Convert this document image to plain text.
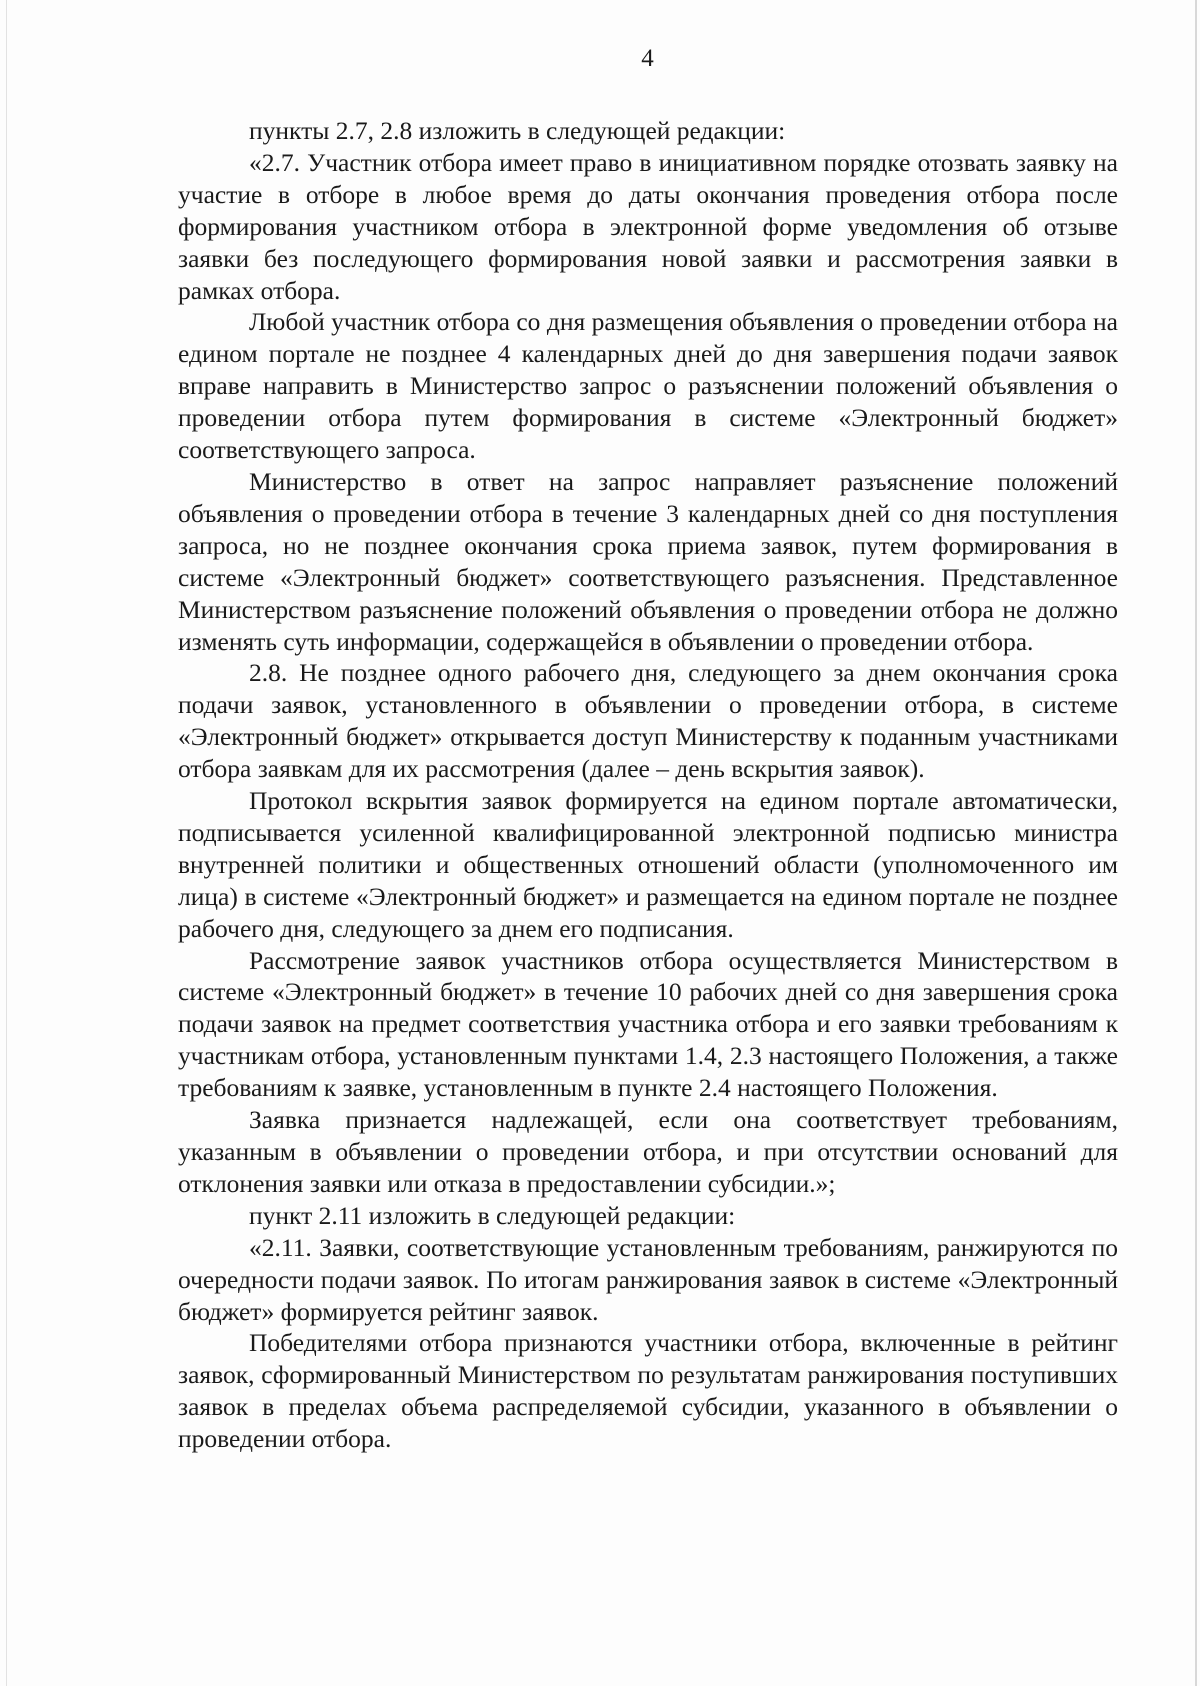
4

пункты 2.7, 2.8 изложить в следующей редакции:

«2.7. Участник отбора имеет право в инициативном порядке отозвать заявку на участие в отборе в любое время до даты окончания проведения отбора после формирования участником отбора в электронной форме уведомления об отзыве заявки без последующего формирования новой заявки и рассмотрения заявки в рамках отбора.

Любой участник отбора со дня размещения объявления о проведении отбора на едином портале не позднее 4 календарных дней до дня завершения подачи заявок вправе направить в Министерство запрос о разъяснении положений объявления о проведении отбора путем формирования в системе «Электронный бюджет» соответствующего запроса.

Министерство в ответ на запрос направляет разъяснение положений объявления о проведении отбора в течение 3 календарных дней со дня поступления запроса, но не позднее окончания срока приема заявок, путем формирования в системе «Электронный бюджет» соответствующего разъяснения. Представленное Министерством разъяснение положений объявления о проведении отбора не должно изменять суть информации, содержащейся в объявлении о проведении отбора.

2.8. Не позднее одного рабочего дня, следующего за днем окончания срока подачи заявок, установленного в объявлении о проведении отбора, в системе «Электронный бюджет» открывается доступ Министерству к поданным участниками отбора заявкам для их рассмотрения (далее – день вскрытия заявок).

Протокол вскрытия заявок формируется на едином портале автоматически, подписывается усиленной квалифицированной электронной подписью министра внутренней политики и общественных отношений области (уполномоченного им лица) в системе «Электронный бюджет» и размещается на едином портале не позднее рабочего дня, следующего за днем его подписания.

Рассмотрение заявок участников отбора осуществляется Министерством в системе «Электронный бюджет» в течение 10 рабочих дней со дня завершения срока подачи заявок на предмет соответствия участника отбора и его заявки требованиям к участникам отбора, установленным пунктами 1.4, 2.3 настоящего Положения, а также требованиям к заявке, установленным в пункте 2.4 настоящего Положения.

Заявка признается надлежащей, если она соответствует требованиям, указанным в объявлении о проведении отбора, и при отсутствии оснований для отклонения заявки или отказа в предоставлении субсидии.»;

пункт 2.11 изложить в следующей редакции:

«2.11. Заявки, соответствующие установленным требованиям, ранжируются по очередности подачи заявок. По итогам ранжирования заявок в системе «Электронный бюджет» формируется рейтинг заявок.

Победителями отбора признаются участники отбора, включенные в рейтинг заявок, сформированный Министерством по результатам ранжирования поступивших заявок в пределах объема распределяемой субсидии, указанного в объявлении о проведении отбора.
